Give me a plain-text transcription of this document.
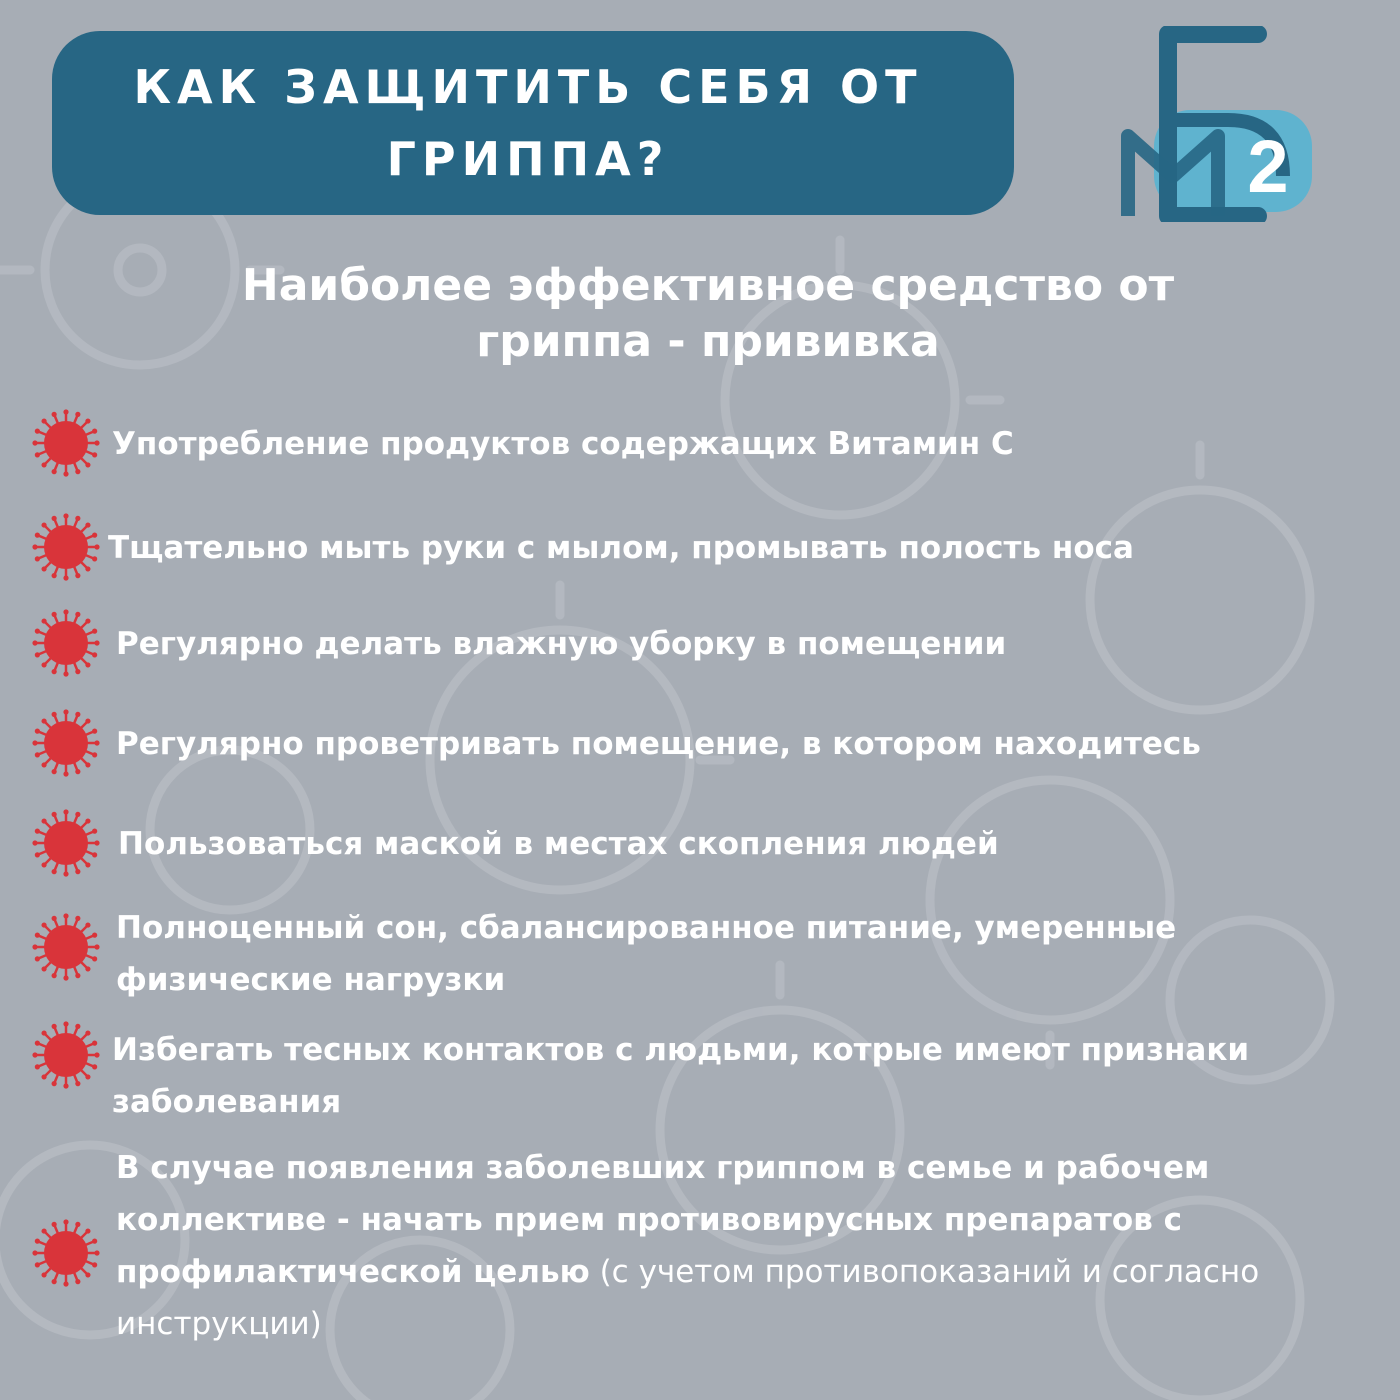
КАК ЗАЩИТИТЬ СЕБЯ ОТ
ГРИППА?	2
Наиболее эффективное средство от
гриппа - прививка
Употребление продуктов содержащих Витамин С
Тщательно мыть руки с мылом, промывать полость носа
Регулярно делать влажную уборку в помещении
Регулярно проветривать помещение, в котором находитесь
Пользоваться маской в местах скопления людей
Полноценный сон, сбалансированное питание, умеренные
физические нагрузки
Избегать тесных контактов с людьми, котрые имеют признаки
заболевания
В случае появления заболевших гриппом в семье и рабочем
коллективе - начать прием противовирусных препаратов с
профилактической целью (с учетом противопоказаний и согласно
инструкции)
